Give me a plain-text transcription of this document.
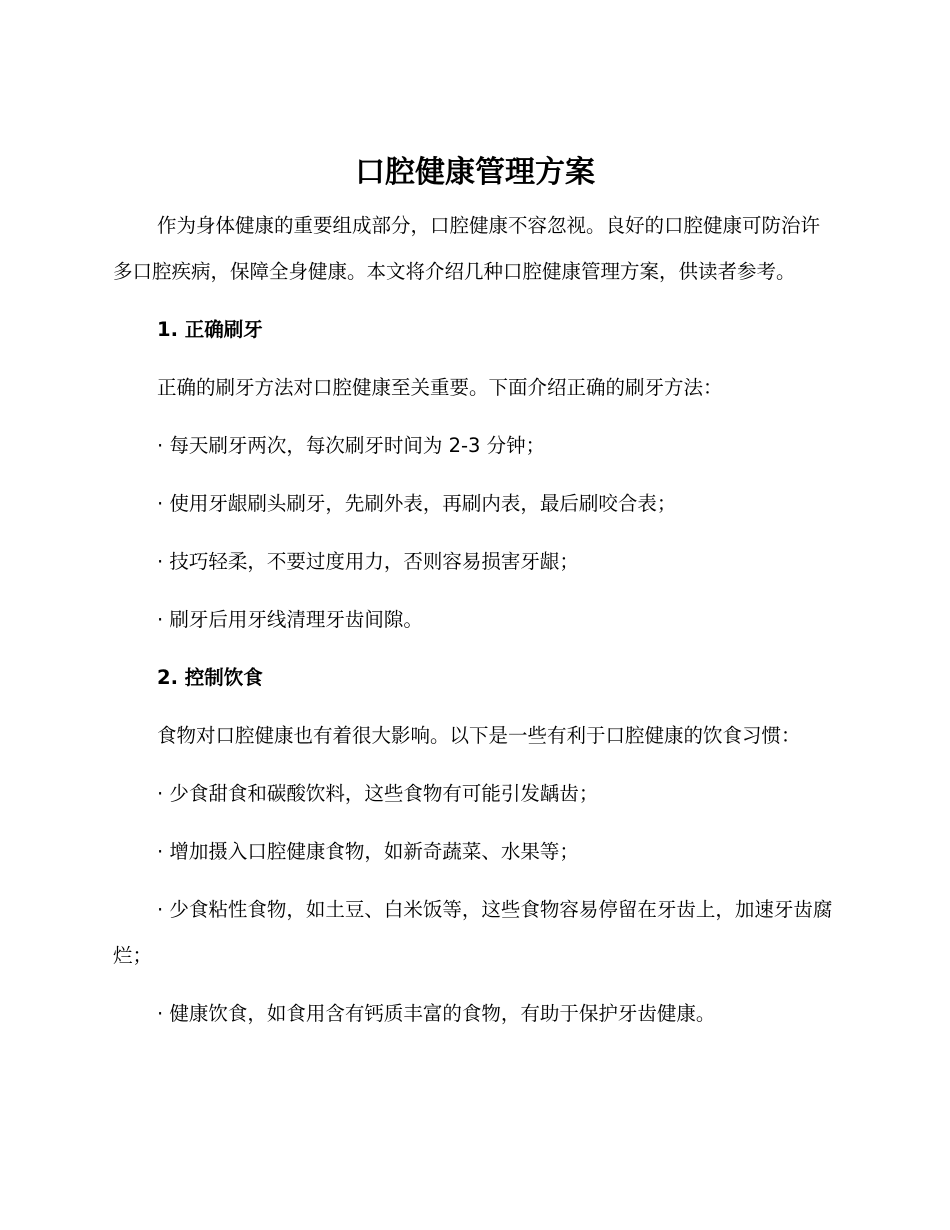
口腔健康管理方案

作为身体健康的重要组成部分，口腔健康不容忽视。良好的口腔健康可防治许多口腔疾病，保障全身健康。本文将介绍几种口腔健康管理方案，供读者参考。

1. 正确刷牙

正确的刷牙方法对口腔健康至关重要。下面介绍正确的刷牙方法：

· 每天刷牙两次，每次刷牙时间为 2-3 分钟；

· 使用牙龈刷头刷牙，先刷外表，再刷内表，最后刷咬合表；

· 技巧轻柔，不要过度用力，否则容易损害牙龈；

· 刷牙后用牙线清理牙齿间隙。

2. 控制饮食

食物对口腔健康也有着很大影响。以下是一些有利于口腔健康的饮食习惯：

· 少食甜食和碳酸饮料，这些食物有可能引发龋齿；

· 增加摄入口腔健康食物，如新奇蔬菜、水果等；

· 少食粘性食物，如土豆、白米饭等，这些食物容易停留在牙齿上，加速牙齿腐烂；

· 健康饮食，如食用含有钙质丰富的食物，有助于保护牙齿健康。
